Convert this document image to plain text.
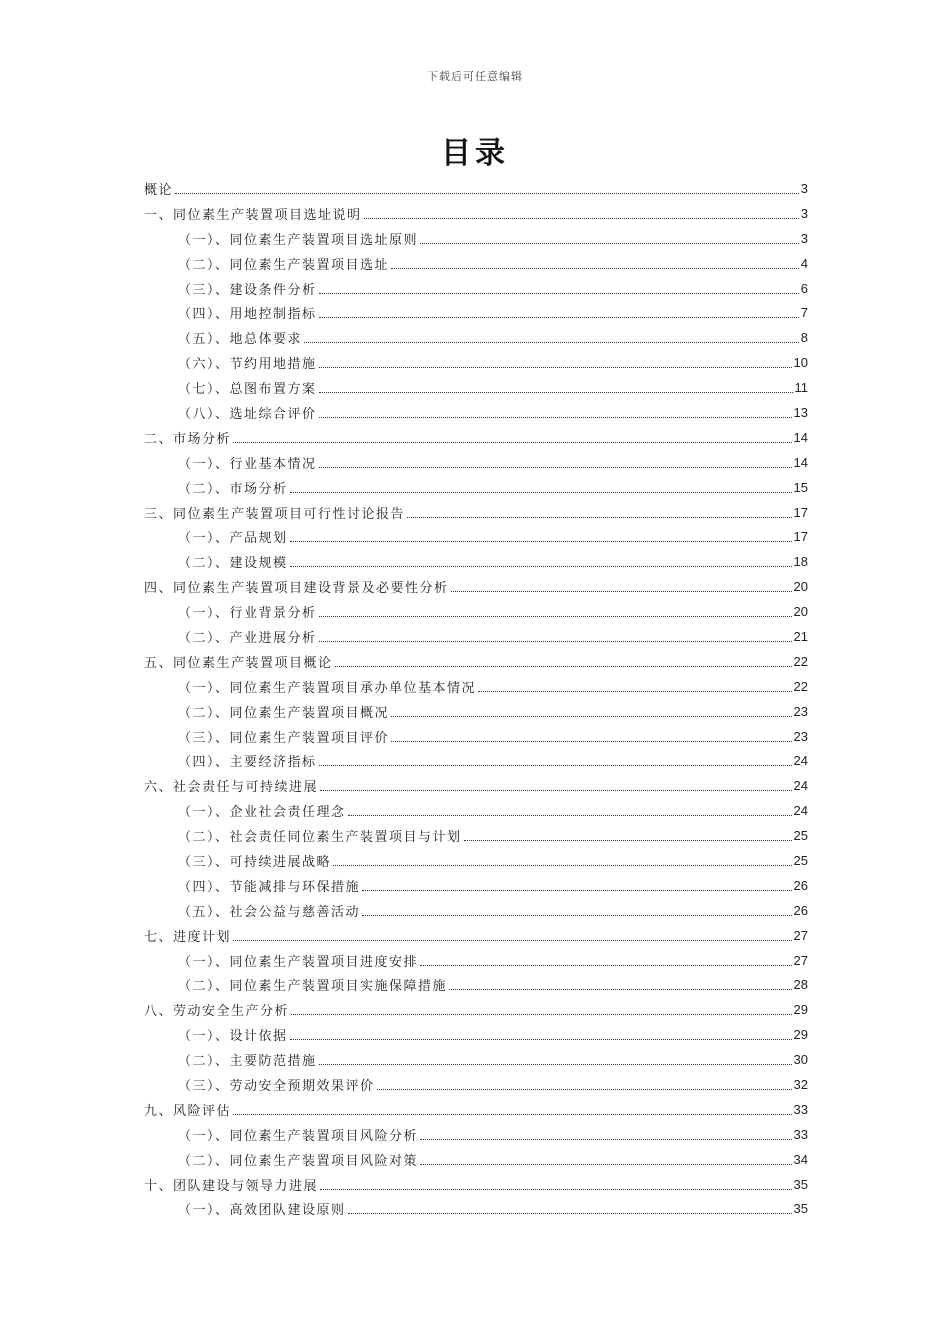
下载后可任意编辑
目录
概论	3
一、同位素生产装置项目选址说明	3
（一）、同位素生产装置项目选址原则	3
（二）、同位素生产装置项目选址	4
（三）、建设条件分析	6
（四）、用地控制指标	7
（五）、地总体要求	8
（六）、节约用地措施	10
（七）、总图布置方案	11
（八）、选址综合评价	13
二、市场分析	14
（一）、行业基本情况	14
（二）、市场分析	15
三、同位素生产装置项目可行性讨论报告	17
（一）、产品规划	17
（二）、建设规模	18
四、同位素生产装置项目建设背景及必要性分析	20
（一）、行业背景分析	20
（二）、产业进展分析	21
五、同位素生产装置项目概论	22
（一）、同位素生产装置项目承办单位基本情况	22
（二）、同位素生产装置项目概况	23
（三）、同位素生产装置项目评价	23
（四）、主要经济指标	24
六、社会责任与可持续进展	24
（一）、企业社会责任理念	24
（二）、社会责任同位素生产装置项目与计划	25
（三）、可持续进展战略	25
（四）、节能减排与环保措施	26
（五）、社会公益与慈善活动	26
七、进度计划	27
（一）、同位素生产装置项目进度安排	27
（二）、同位素生产装置项目实施保障措施	28
八、劳动安全生产分析	29
（一）、设计依据	29
（二）、主要防范措施	30
（三）、劳动安全预期效果评价	32
九、风险评估	33
（一）、同位素生产装置项目风险分析	33
（二）、同位素生产装置项目风险对策	34
十、团队建设与领导力进展	35
（一）、高效团队建设原则	35
